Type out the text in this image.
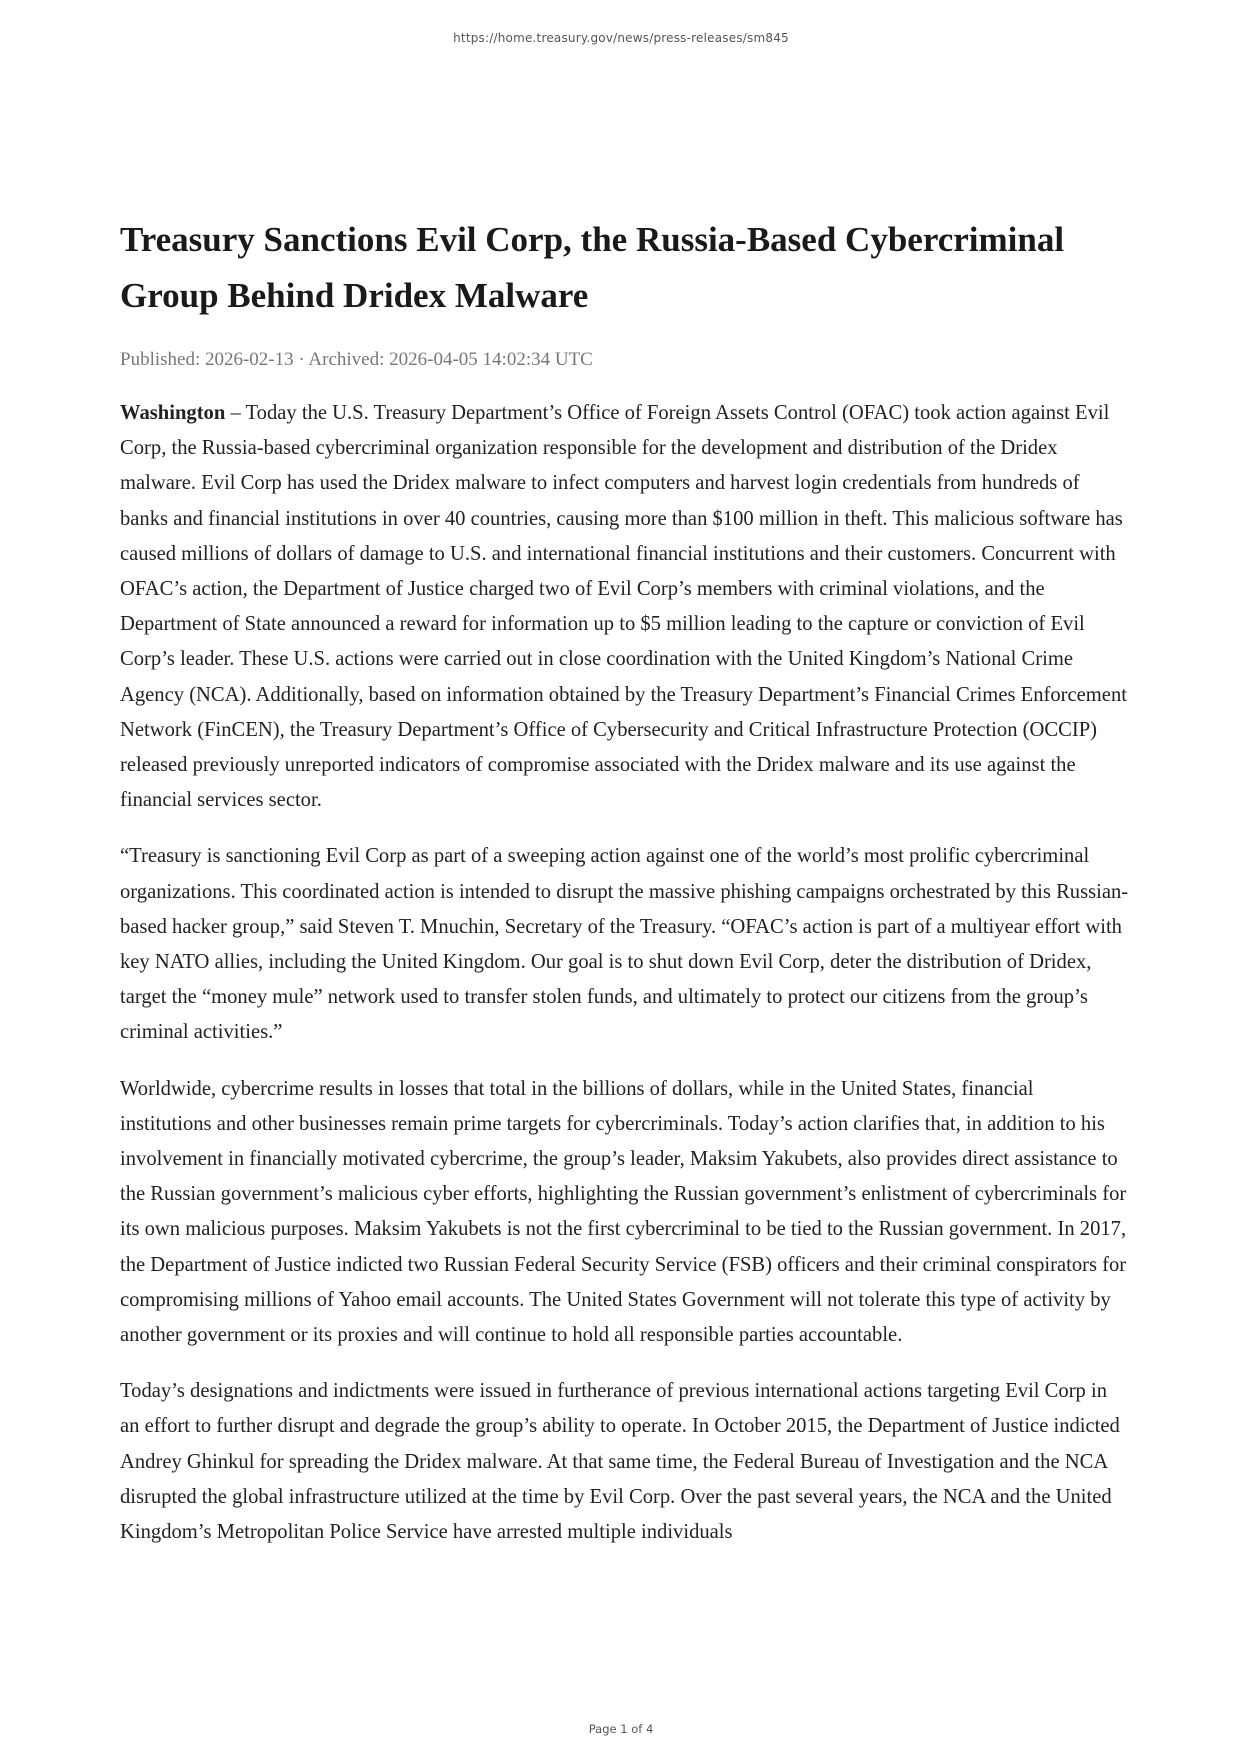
https://home.treasury.gov/news/press-releases/sm845
Treasury Sanctions Evil Corp, the Russia-Based Cybercriminal Group Behind Dridex Malware
Published: 2026-02-13 · Archived: 2026-04-05 14:02:34 UTC

Washington – Today the U.S. Treasury Department’s Office of Foreign Assets Control (OFAC) took action against Evil Corp, the Russia-based cybercriminal organization responsible for the development and distribution of the Dridex malware. Evil Corp has used the Dridex malware to infect computers and harvest login credentials from hundreds of banks and financial institutions in over 40 countries, causing more than $100 million in theft. This malicious software has caused millions of dollars of damage to U.S. and international financial institutions and their customers. Concurrent with OFAC’s action, the Department of Justice charged two of Evil Corp’s members with criminal violations, and the Department of State announced a reward for information up to $5 million leading to the capture or conviction of Evil Corp’s leader. These U.S. actions were carried out in close coordination with the United Kingdom’s National Crime Agency (NCA). Additionally, based on information obtained by the Treasury Department’s Financial Crimes Enforcement Network (FinCEN), the Treasury Department’s Office of Cybersecurity and Critical Infrastructure Protection (OCCIP) released previously unreported indicators of compromise associated with the Dridex malware and its use against the financial services sector.

“Treasury is sanctioning Evil Corp as part of a sweeping action against one of the world’s most prolific cybercriminal organizations. This coordinated action is intended to disrupt the massive phishing campaigns orchestrated by this Russian-based hacker group,” said Steven T. Mnuchin, Secretary of the Treasury. “OFAC’s action is part of a multiyear effort with key NATO allies, including the United Kingdom. Our goal is to shut down Evil Corp, deter the distribution of Dridex, target the “money mule” network used to transfer stolen funds, and ultimately to protect our citizens from the group’s criminal activities.”

Worldwide, cybercrime results in losses that total in the billions of dollars, while in the United States, financial institutions and other businesses remain prime targets for cybercriminals. Today’s action clarifies that, in addition to his involvement in financially motivated cybercrime, the group’s leader, Maksim Yakubets, also provides direct assistance to the Russian government’s malicious cyber efforts, highlighting the Russian government’s enlistment of cybercriminals for its own malicious purposes. Maksim Yakubets is not the first cybercriminal to be tied to the Russian government. In 2017, the Department of Justice indicted two Russian Federal Security Service (FSB) officers and their criminal conspirators for compromising millions of Yahoo email accounts. The United States Government will not tolerate this type of activity by another government or its proxies and will continue to hold all responsible parties accountable.

Today’s designations and indictments were issued in furtherance of previous international actions targeting Evil Corp in an effort to further disrupt and degrade the group’s ability to operate. In October 2015, the Department of Justice indicted Andrey Ghinkul for spreading the Dridex malware. At that same time, the Federal Bureau of Investigation and the NCA disrupted the global infrastructure utilized at the time by Evil Corp. Over the past several years, the NCA and the United Kingdom’s Metropolitan Police Service have arrested multiple individuals

Page 1 of 4
